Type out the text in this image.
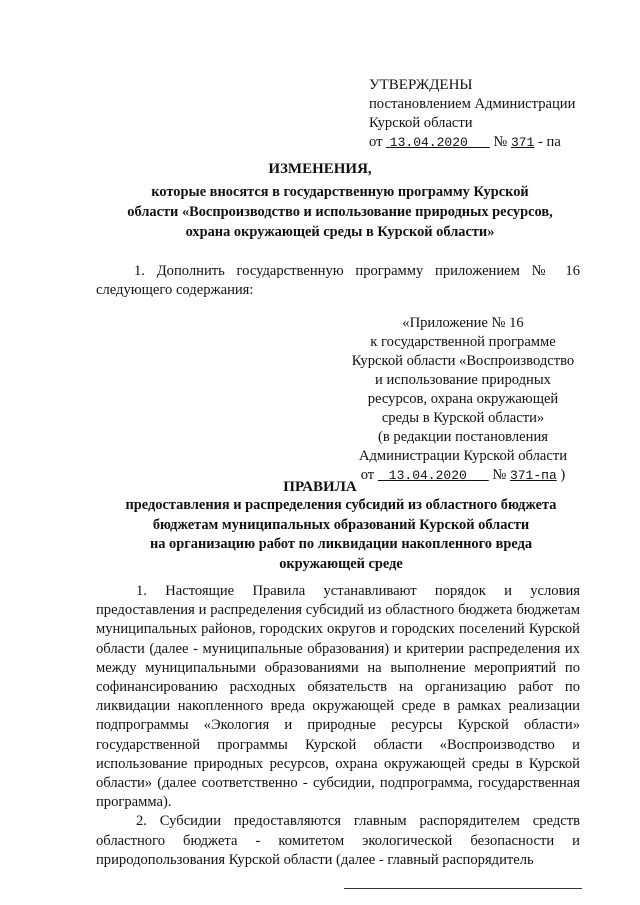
УТВЕРЖДЕНЫ
постановлением Администрации
Курской области
от 13.04.2020 № 371 - па
ИЗМЕНЕНИЯ,
которые вносятся в государственную программу Курской
области «Воспроизводство и использование природных ресурсов,
охрана окружающей среды в Курской области»
1. Дополнить государственную программу приложением № 16 следующего содержания:
«Приложение № 16
к государственной программе
Курской области «Воспроизводство
и использование природных
ресурсов, охрана окружающей
среды в Курской области»
(в редакции постановления
Администрации Курской области
от 13.04.2020 № 371-па )
ПРАВИЛА
предоставления и распределения субсидий из областного бюджета
бюджетам муниципальных образований Курской области
на организацию работ по ликвидации накопленного вреда
окружающей среде

1. Настоящие Правила устанавливают порядок и условия предоставления и распределения субсидий из областного бюджета бюджетам муниципальных районов, городских округов и городских поселений Курской области (далее - муниципальные образования) и критерии распределения их между муниципальными образованиями на выполнение мероприятий по софинансированию расходных обязательств на организацию работ по ликвидации накопленного вреда окружающей среде в рамках реализации подпрограммы «Экология и природные ресурсы Курской области» государственной программы Курской области «Воспроизводство и использование природных ресурсов, охрана окружающей среды в Курской области» (далее соответственно - субсидии, подпрограмма, государственная программа).

2. Субсидии предоставляются главным распорядителем средств областного бюджета - комитетом экологической безопасности и природопользования Курской области (далее - главный распорядитель
